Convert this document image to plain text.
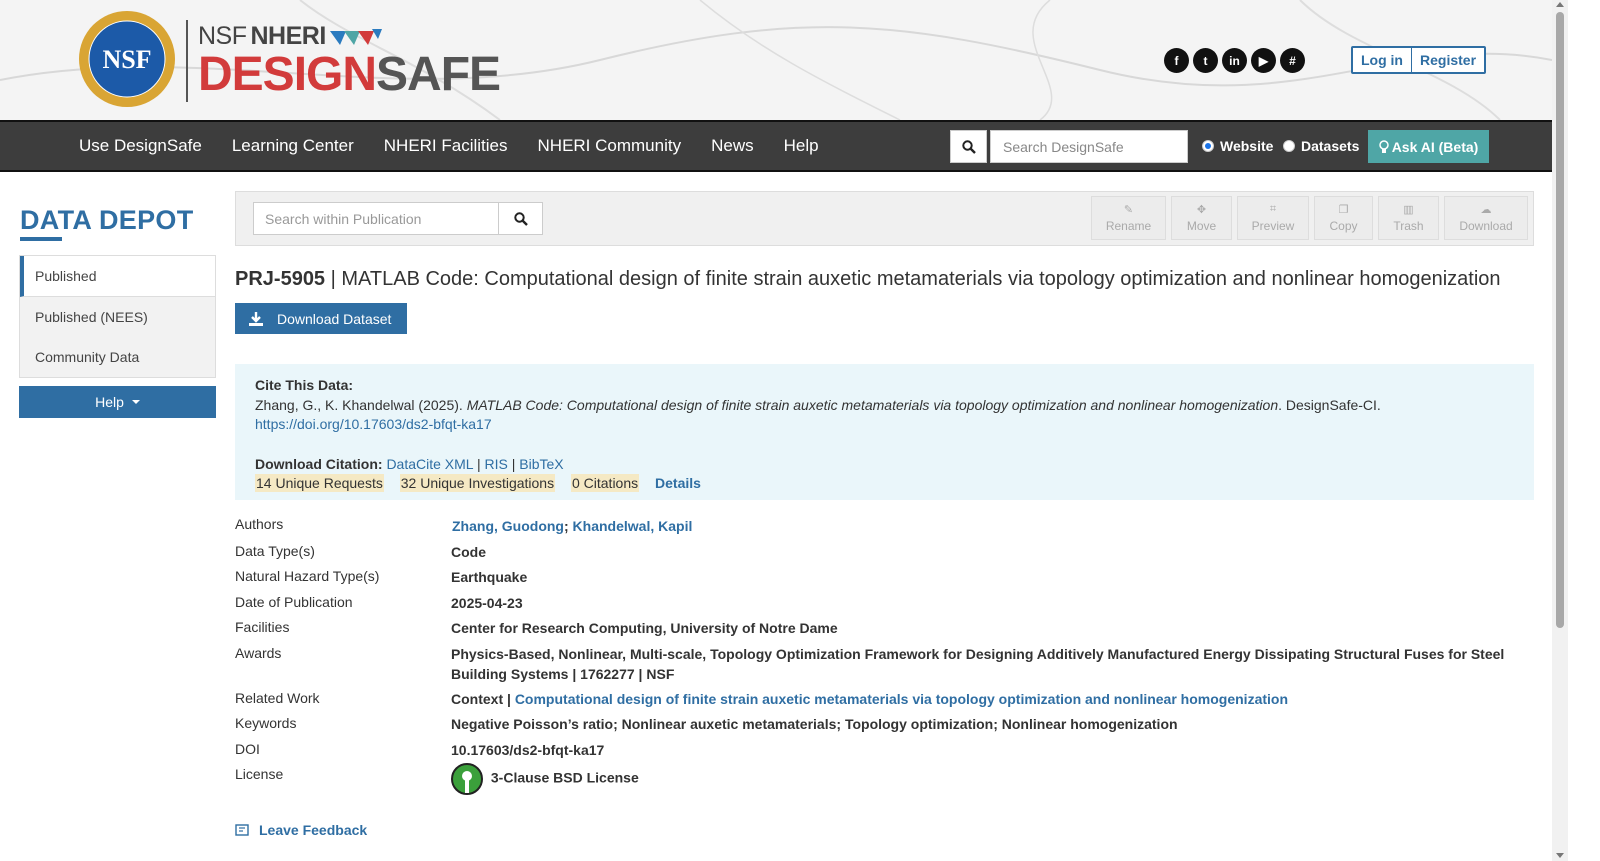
NSF
NSF NHERI
DESIGNSAFE	f	t	in	▶	#	Log in	Register
Use DesignSafe	Learning Center	NHERI Facilities	NHERI Community	News	Help
Search DesignSafe	Website Datasets Ask AI (Beta)
DATA DEPOT
Published
Published (NEES)
Community Data
Help
Search within Publication
✎
Rename
✥
Move
⌗
Preview
❐
Copy
▥
Trash
☁
Download
PRJ-5905 | MATLAB Code: Computational design of finite strain auxetic metamaterials via topology optimization and nonlinear homogenization
Download Dataset
Cite This Data:
Zhang, G., K. Khandelwal (2025). MATLAB Code: Computational design of finite strain auxetic metamaterials via topology optimization and nonlinear homogenization. DesignSafe-CI.
https://doi.org/10.17603/ds2-bfqt-ka17
Download Citation: DataCite XML | RIS | BibTeX
14 Unique Requests 32 Unique Investigations 0 Citations Details
Authors	Zhang, Guodong; Khandelwal, Kapil
Data Type(s)	Code
Natural Hazard Type(s)	Earthquake
Date of Publication	2025-04-23
Facilities	Center for Research Computing, University of Notre Dame
Awards	Physics-Based, Nonlinear, Multi-scale, Topology Optimization Framework for Designing Additively Manufactured Energy Dissipating Structural Fuses for Steel Building Systems | 1762277 | NSF
Related Work	Context | Computational design of finite strain auxetic metamaterials via topology optimization and nonlinear homogenization
Keywords	Negative Poisson’s ratio; Nonlinear auxetic metamaterials; Topology optimization; Nonlinear homogenization
DOI	10.17603/ds2-bfqt-ka17
License	3-Clause BSD License
Leave Feedback
